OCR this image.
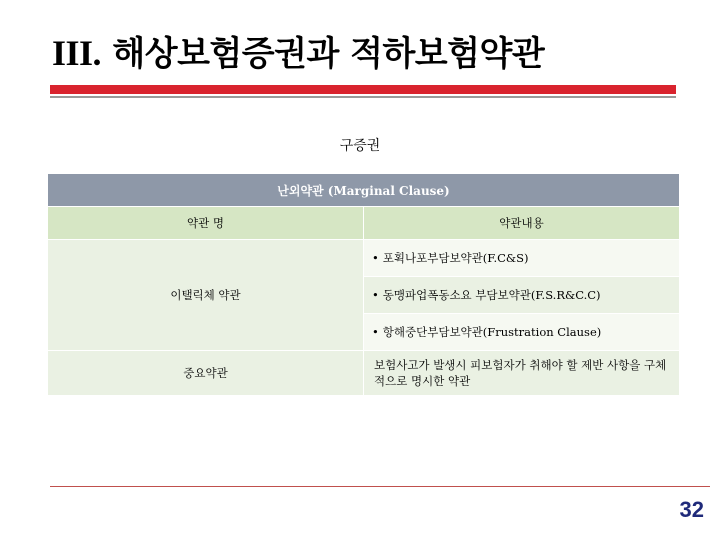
III. 해상보험증권과 적하보험약관
구증권
난외약관 (Marginal Clause)	
약관 명	약관내용
이탤릭체 약관	• 포획나포부담보약관(F.C&S)
	• 동맹파업폭동소요 부담보약관(F.S.R&C.C)
	• 항해중단부담보약관(Frustration Clause)
중요약관	보험사고가 발생시 피보험자가 취해야 할 제반 사항을 구체적으로 명시한 약관
32
